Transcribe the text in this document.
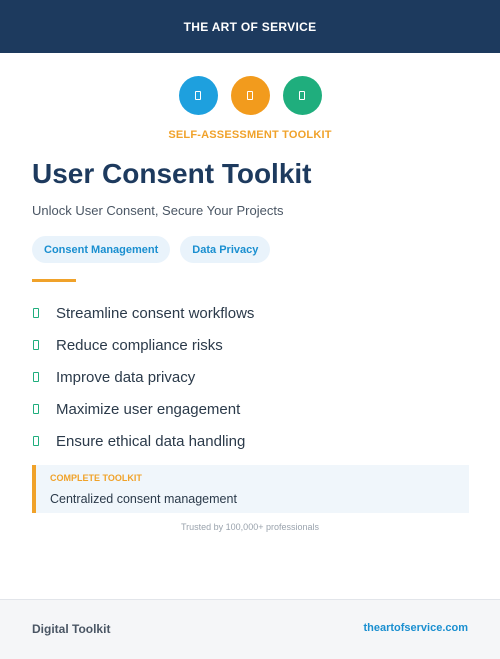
THE ART OF SERVICE
SELF-ASSESSMENT TOOLKIT
User Consent Toolkit
Unlock User Consent, Secure Your Projects
Consent Management	Data Privacy
Streamline consent workflows
Reduce compliance risks
Improve data privacy
Maximize user engagement
Ensure ethical data handling
COMPLETE TOOLKIT
Centralized consent management
Trusted by 100,000+ professionals
Digital Toolkit	theartofservice.com
